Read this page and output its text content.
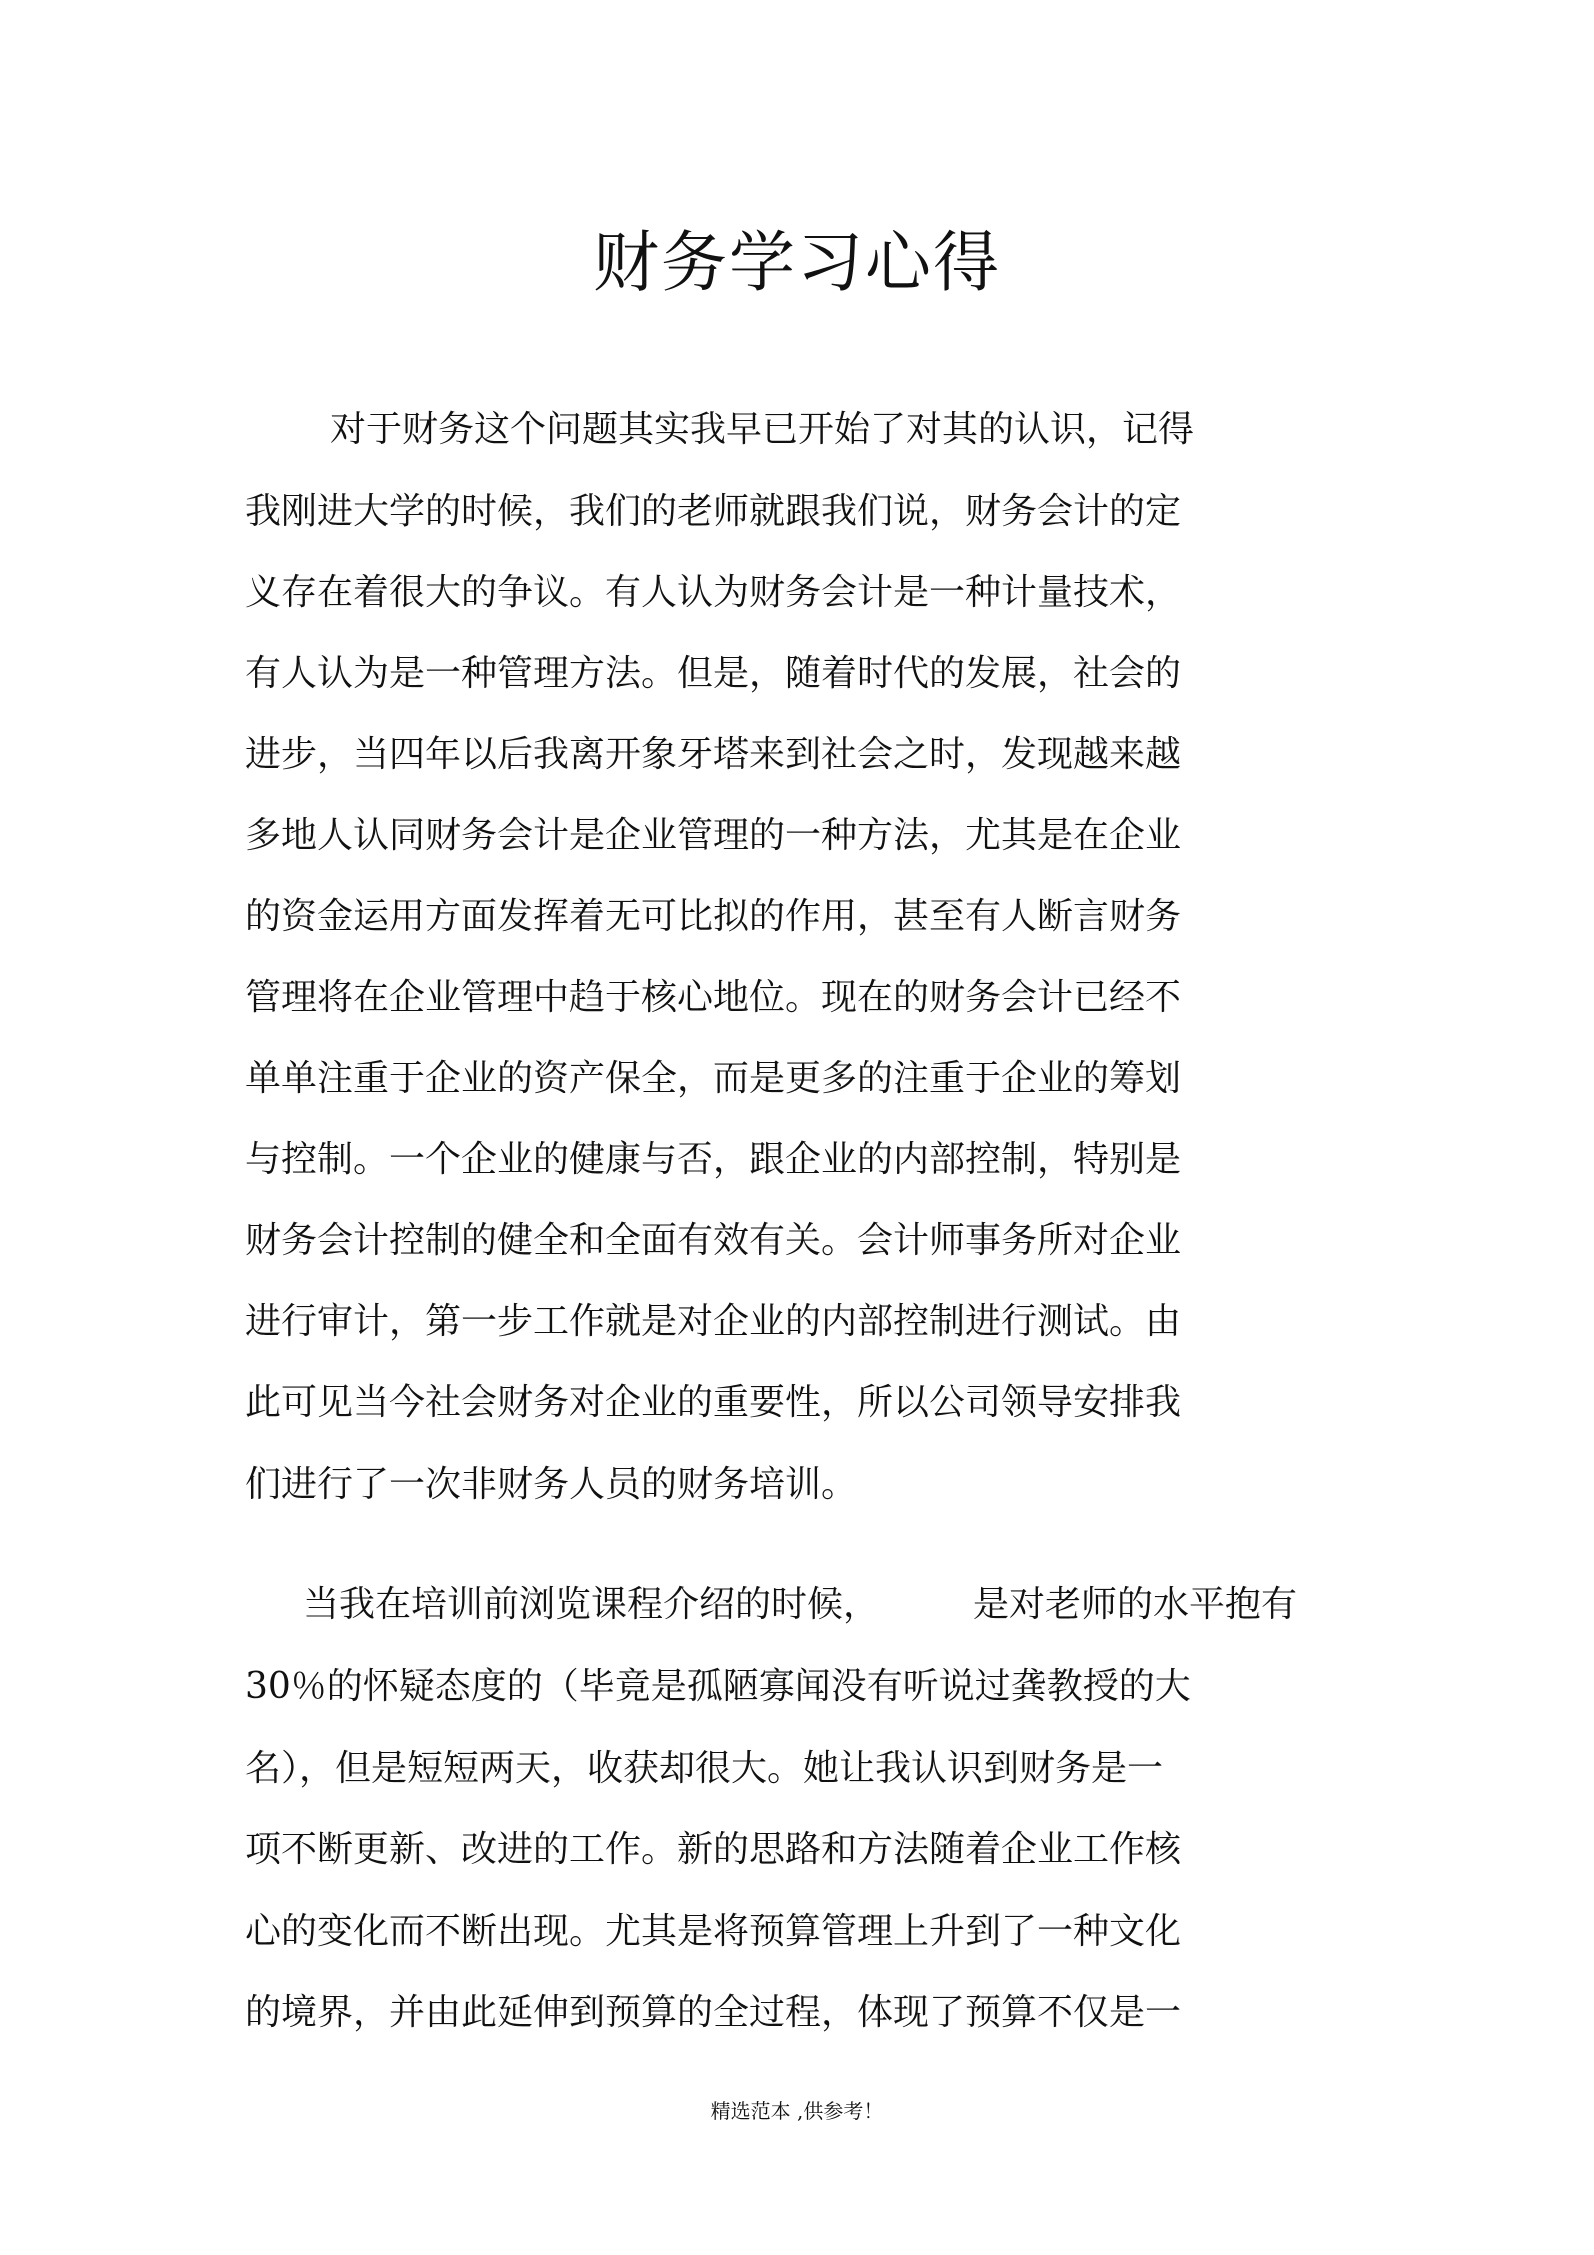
财务学习心得

对于财务这个问题其实我早已开始了对其的认识，记得

我刚进大学的时候，我们的老师就跟我们说，财务会计的定

义存在着很大的争议。有人认为财务会计是一种计量技术，

有人认为是一种管理方法。但是，随着时代的发展，社会的

进步，当四年以后我离开象牙塔来到社会之时，发现越来越

多地人认同财务会计是企业管理的一种方法，尤其是在企业

的资金运用方面发挥着无可比拟的作用，甚至有人断言财务

管理将在企业管理中趋于核心地位。现在的财务会计已经不

单单注重于企业的资产保全，而是更多的注重于企业的筹划

与控制。一个企业的健康与否，跟企业的内部控制，特别是

财务会计控制的健全和全面有效有关。会计师事务所对企业

进行审计，第一步工作就是对企业的内部控制进行测试。由

此可见当今社会财务对企业的重要性，所以公司领导安排我

们进行了一次非财务人员的财务培训。

当我在培训前浏览课程介绍的时候，	是对老师的水平抱有

30％的怀疑态度的（毕竟是孤陋寡闻没有听说过龚教授的大

名），但是短短两天，收获却很大。她让我认识到财务是一

项不断更新、改进的工作。新的思路和方法随着企业工作核

心的变化而不断出现。尤其是将预算管理上升到了一种文化

的境界，并由此延伸到预算的全过程，体现了预算不仅是一

精选范本 ,供参考！
